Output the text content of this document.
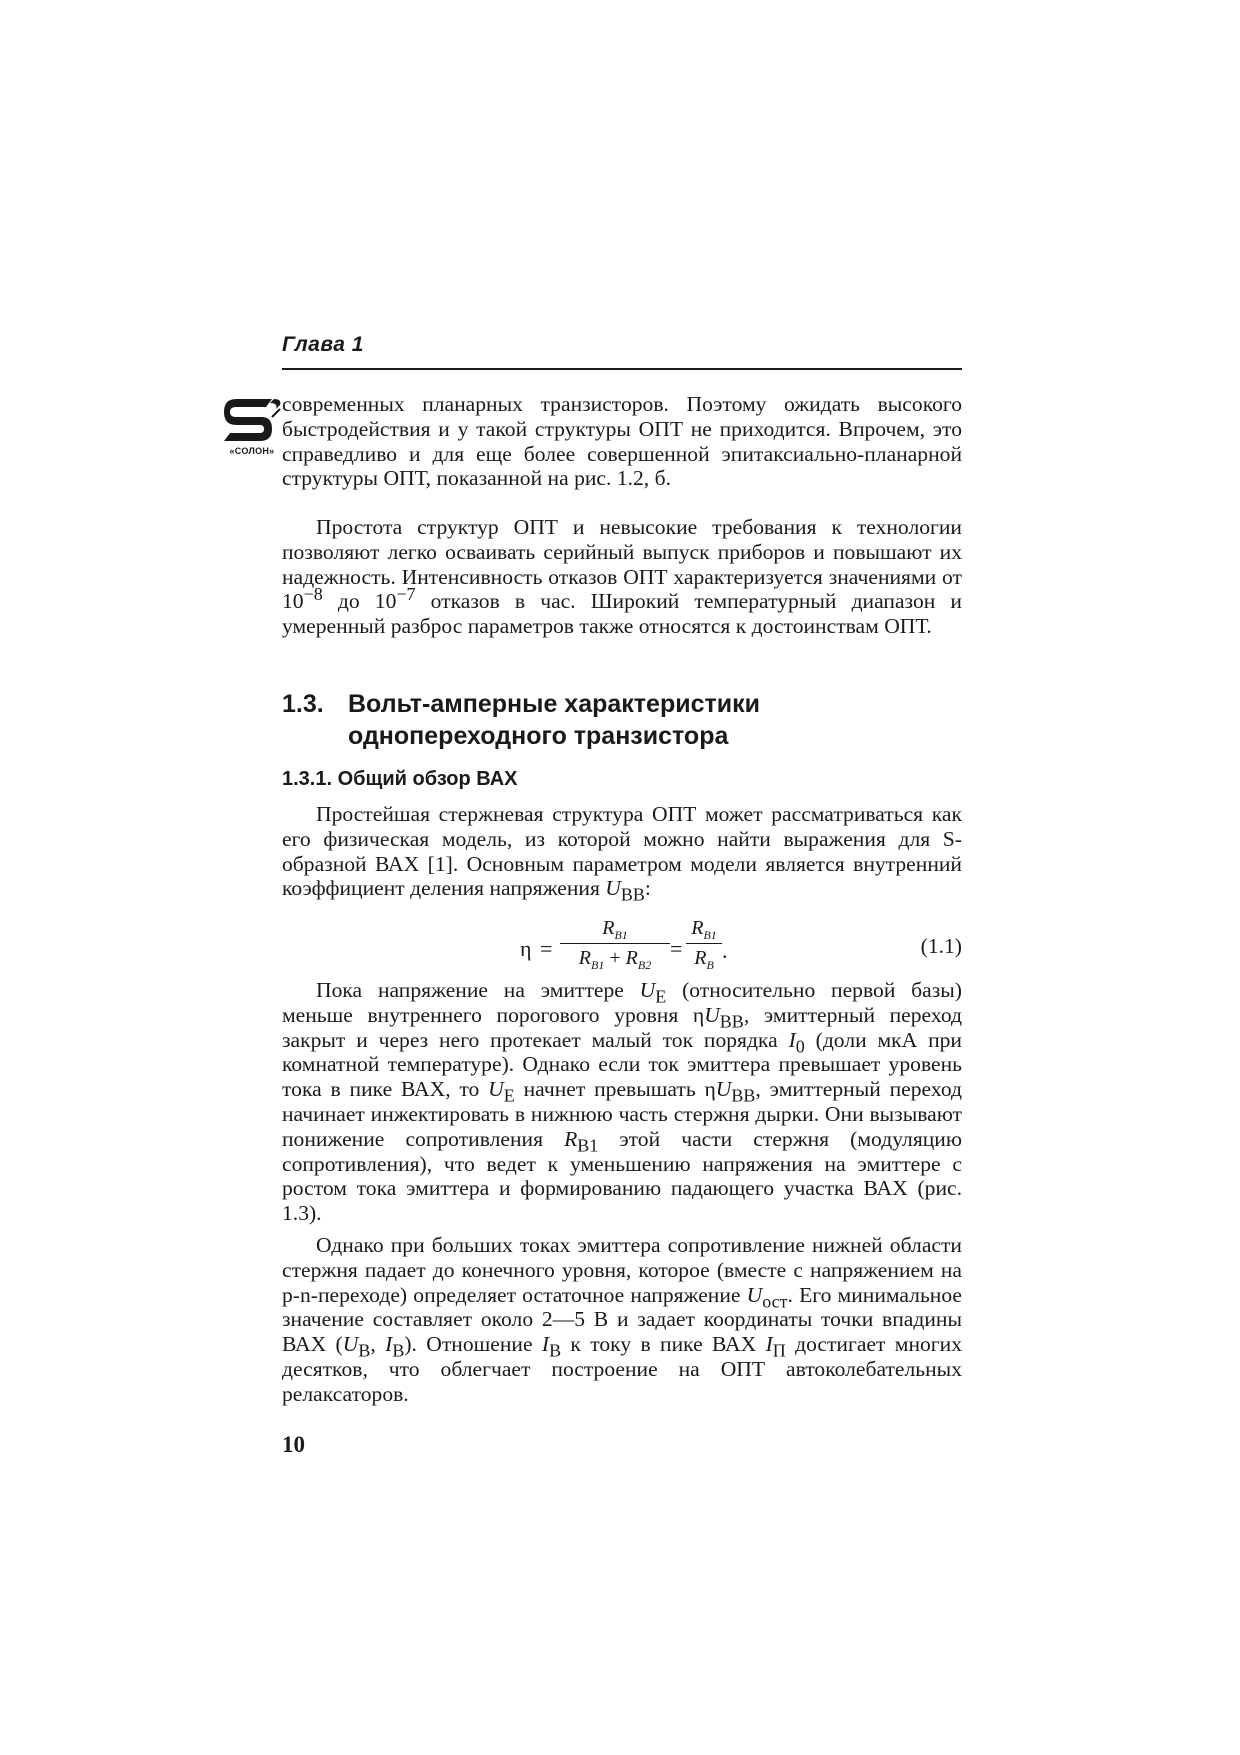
Глава 1
«СОЛОН»

современных планарных транзисторов. Поэтому ожидать высокого быстродействия и у такой структуры ОПТ не приходится. Впрочем, это справедливо и для еще более совершенной эпитаксиально-планарной структуры ОПТ, показанной на рис. 1.2, б.

Простота структур ОПТ и невысокие требования к технологии позволяют легко осваивать серийный выпуск приборов и повышают их надежность. Интенсивность отказов ОПТ характеризуется значениями от $10^{-8}$ до $10^{-7}$ отказов в час. Широкий температурный диапазон и умеренный разброс параметров также относятся к достоинствам ОПТ.

1.3. Вольт-амперные характеристики
однопереходного транзистора
1.3.1. Общий обзор ВАХ

Простейшая стержневая структура ОПТ может рассматриваться как его физическая модель, из которой можно найти выражения для S-образной ВАХ [1]. Основным параметром модели является внутренний коэффициент деления напряжения $U_{BB}$:

η =
$R_{B1}$
$R_{B1} + R_{B2}$
=
$R_{B1}$
$R_B$
.	(1.1)

Пока напряжение на эмиттере $U_E$ (относительно первой базы) меньше внутреннего порогового уровня $\eta U_{BB}$, эмиттерный переход закрыт и через него протекает малый ток порядка $I_0$ (доли мкА при комнатной температуре). Однако если ток эмиттера превышает уровень тока в пике ВАХ, то $U_E$ начнет превышать $\eta U_{BB}$, эмиттерный переход начинает инжектировать в нижнюю часть стержня дырки. Они вызывают понижение сопротивления $R_{B1}$ этой части стержня (модуляцию сопротивления), что ведет к уменьшению напряжения на эмиттере с ростом тока эмиттера и формированию падающего участка ВАХ (рис. 1.3).

Однако при больших токах эмиттера сопротивление нижней области стержня падает до конечного уровня, которое (вместе с напряжением на p-n-переходе) определяет остаточное напряжение $U_{ост}$. Его минимальное значение составляет около 2—5 В и задает координаты точки впадины ВАХ ($U_B$, $I_B$). Отношение $I_B$ к току в пике ВАХ $I_П$ достигает многих десятков, что облегчает построение на ОПТ автоколебательных релаксаторов.

10
